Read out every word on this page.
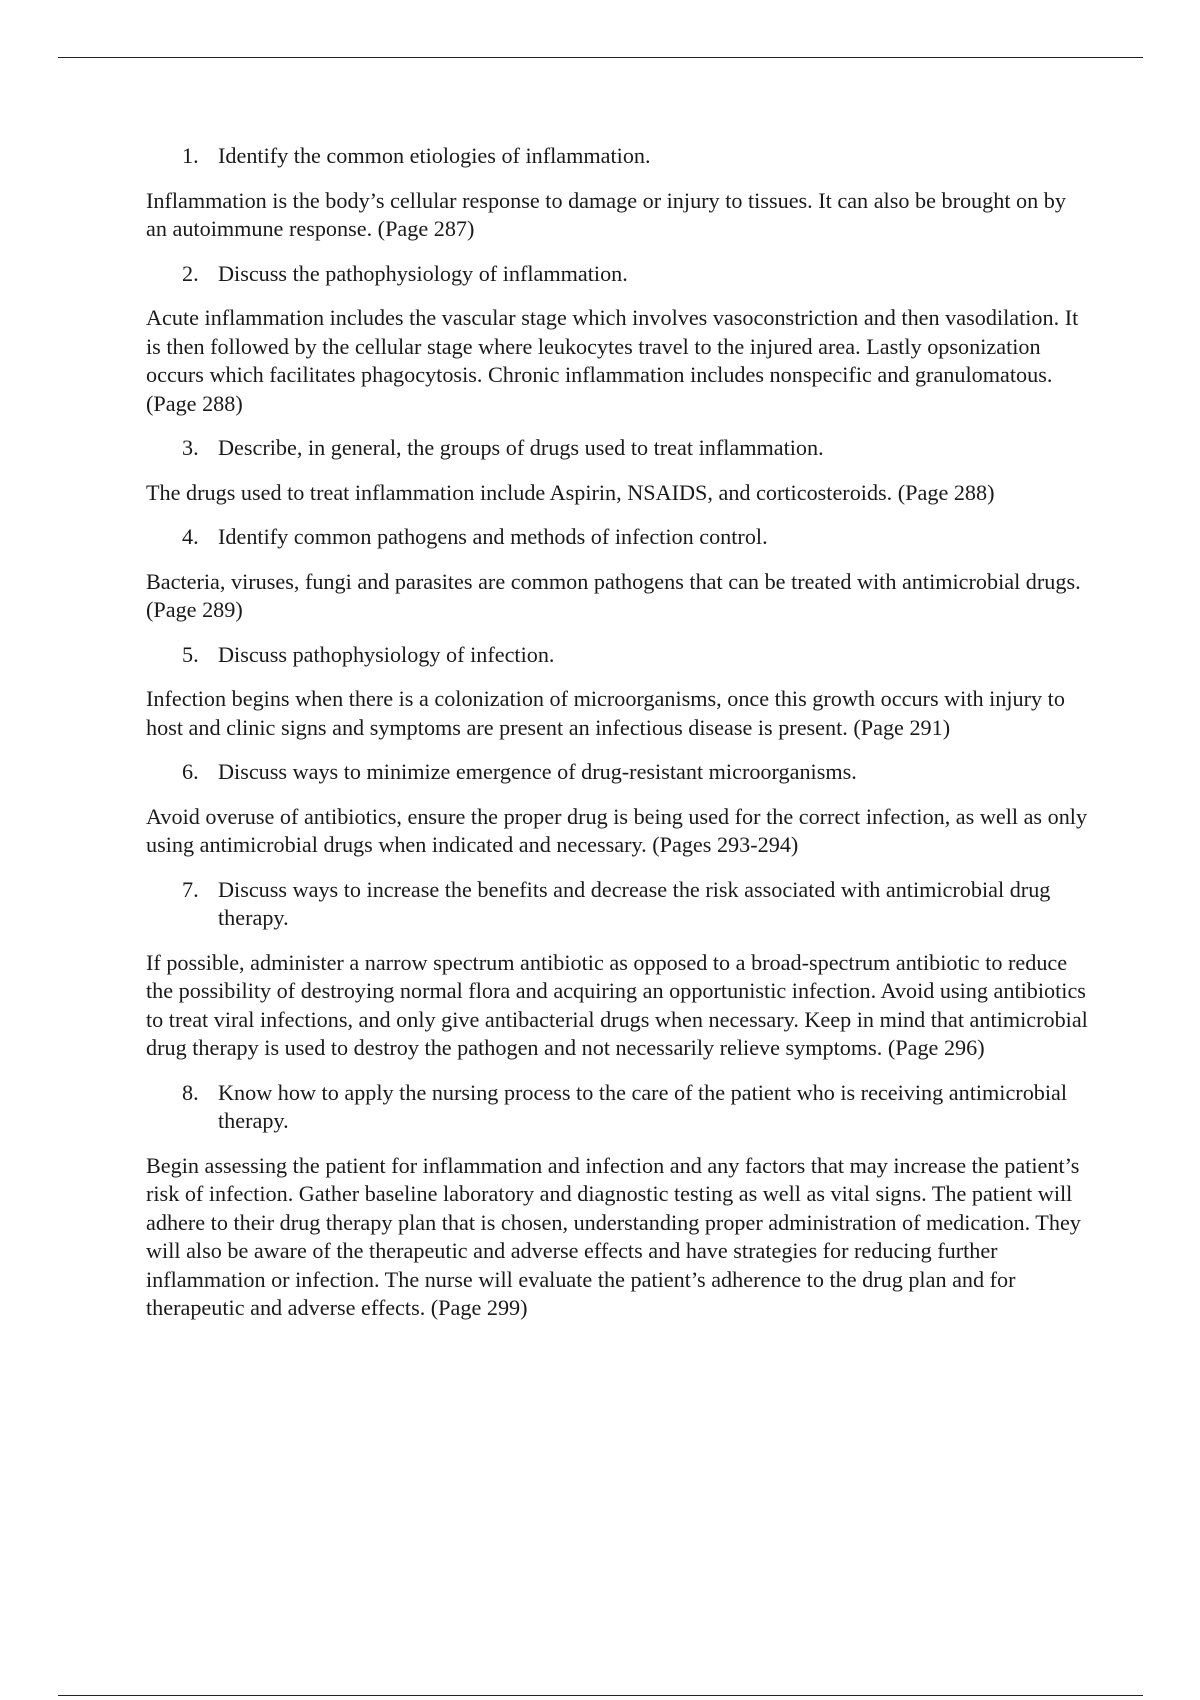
1. Identify the common etiologies of inflammation.

Inflammation is the body’s cellular response to damage or injury to tissues. It can also be brought on by an autoimmune response. (Page 287)

2. Discuss the pathophysiology of inflammation.

Acute inflammation includes the vascular stage which involves vasoconstriction and then vasodilation. It is then followed by the cellular stage where leukocytes travel to the injured area. Lastly opsonization occurs which facilitates phagocytosis. Chronic inflammation includes nonspecific and granulomatous. (Page 288)

3. Describe, in general, the groups of drugs used to treat inflammation.

The drugs used to treat inflammation include Aspirin, NSAIDS, and corticosteroids. (Page 288)

4. Identify common pathogens and methods of infection control.

Bacteria, viruses, fungi and parasites are common pathogens that can be treated with antimicrobial drugs. (Page 289)

5. Discuss pathophysiology of infection.

Infection begins when there is a colonization of microorganisms, once this growth occurs with injury to host and clinic signs and symptoms are present an infectious disease is present. (Page 291)

6. Discuss ways to minimize emergence of drug-resistant microorganisms.

Avoid overuse of antibiotics, ensure the proper drug is being used for the correct infection, as well as only using antimicrobial drugs when indicated and necessary. (Pages 293-294)

7. Discuss ways to increase the benefits and decrease the risk associated with antimicrobial drug therapy.

If possible, administer a narrow spectrum antibiotic as opposed to a broad-spectrum antibiotic to reduce the possibility of destroying normal flora and acquiring an opportunistic infection. Avoid using antibiotics to treat viral infections, and only give antibacterial drugs when necessary. Keep in mind that antimicrobial drug therapy is used to destroy the pathogen and not necessarily relieve symptoms. (Page 296)

8. Know how to apply the nursing process to the care of the patient who is receiving antimicrobial therapy.

Begin assessing the patient for inflammation and infection and any factors that may increase the patient’s risk of infection. Gather baseline laboratory and diagnostic testing as well as vital signs. The patient will adhere to their drug therapy plan that is chosen, understanding proper administration of medication. They will also be aware of the therapeutic and adverse effects and have strategies for reducing further inflammation or infection. The nurse will evaluate the patient’s adherence to the drug plan and for therapeutic and adverse effects. (Page 299)
